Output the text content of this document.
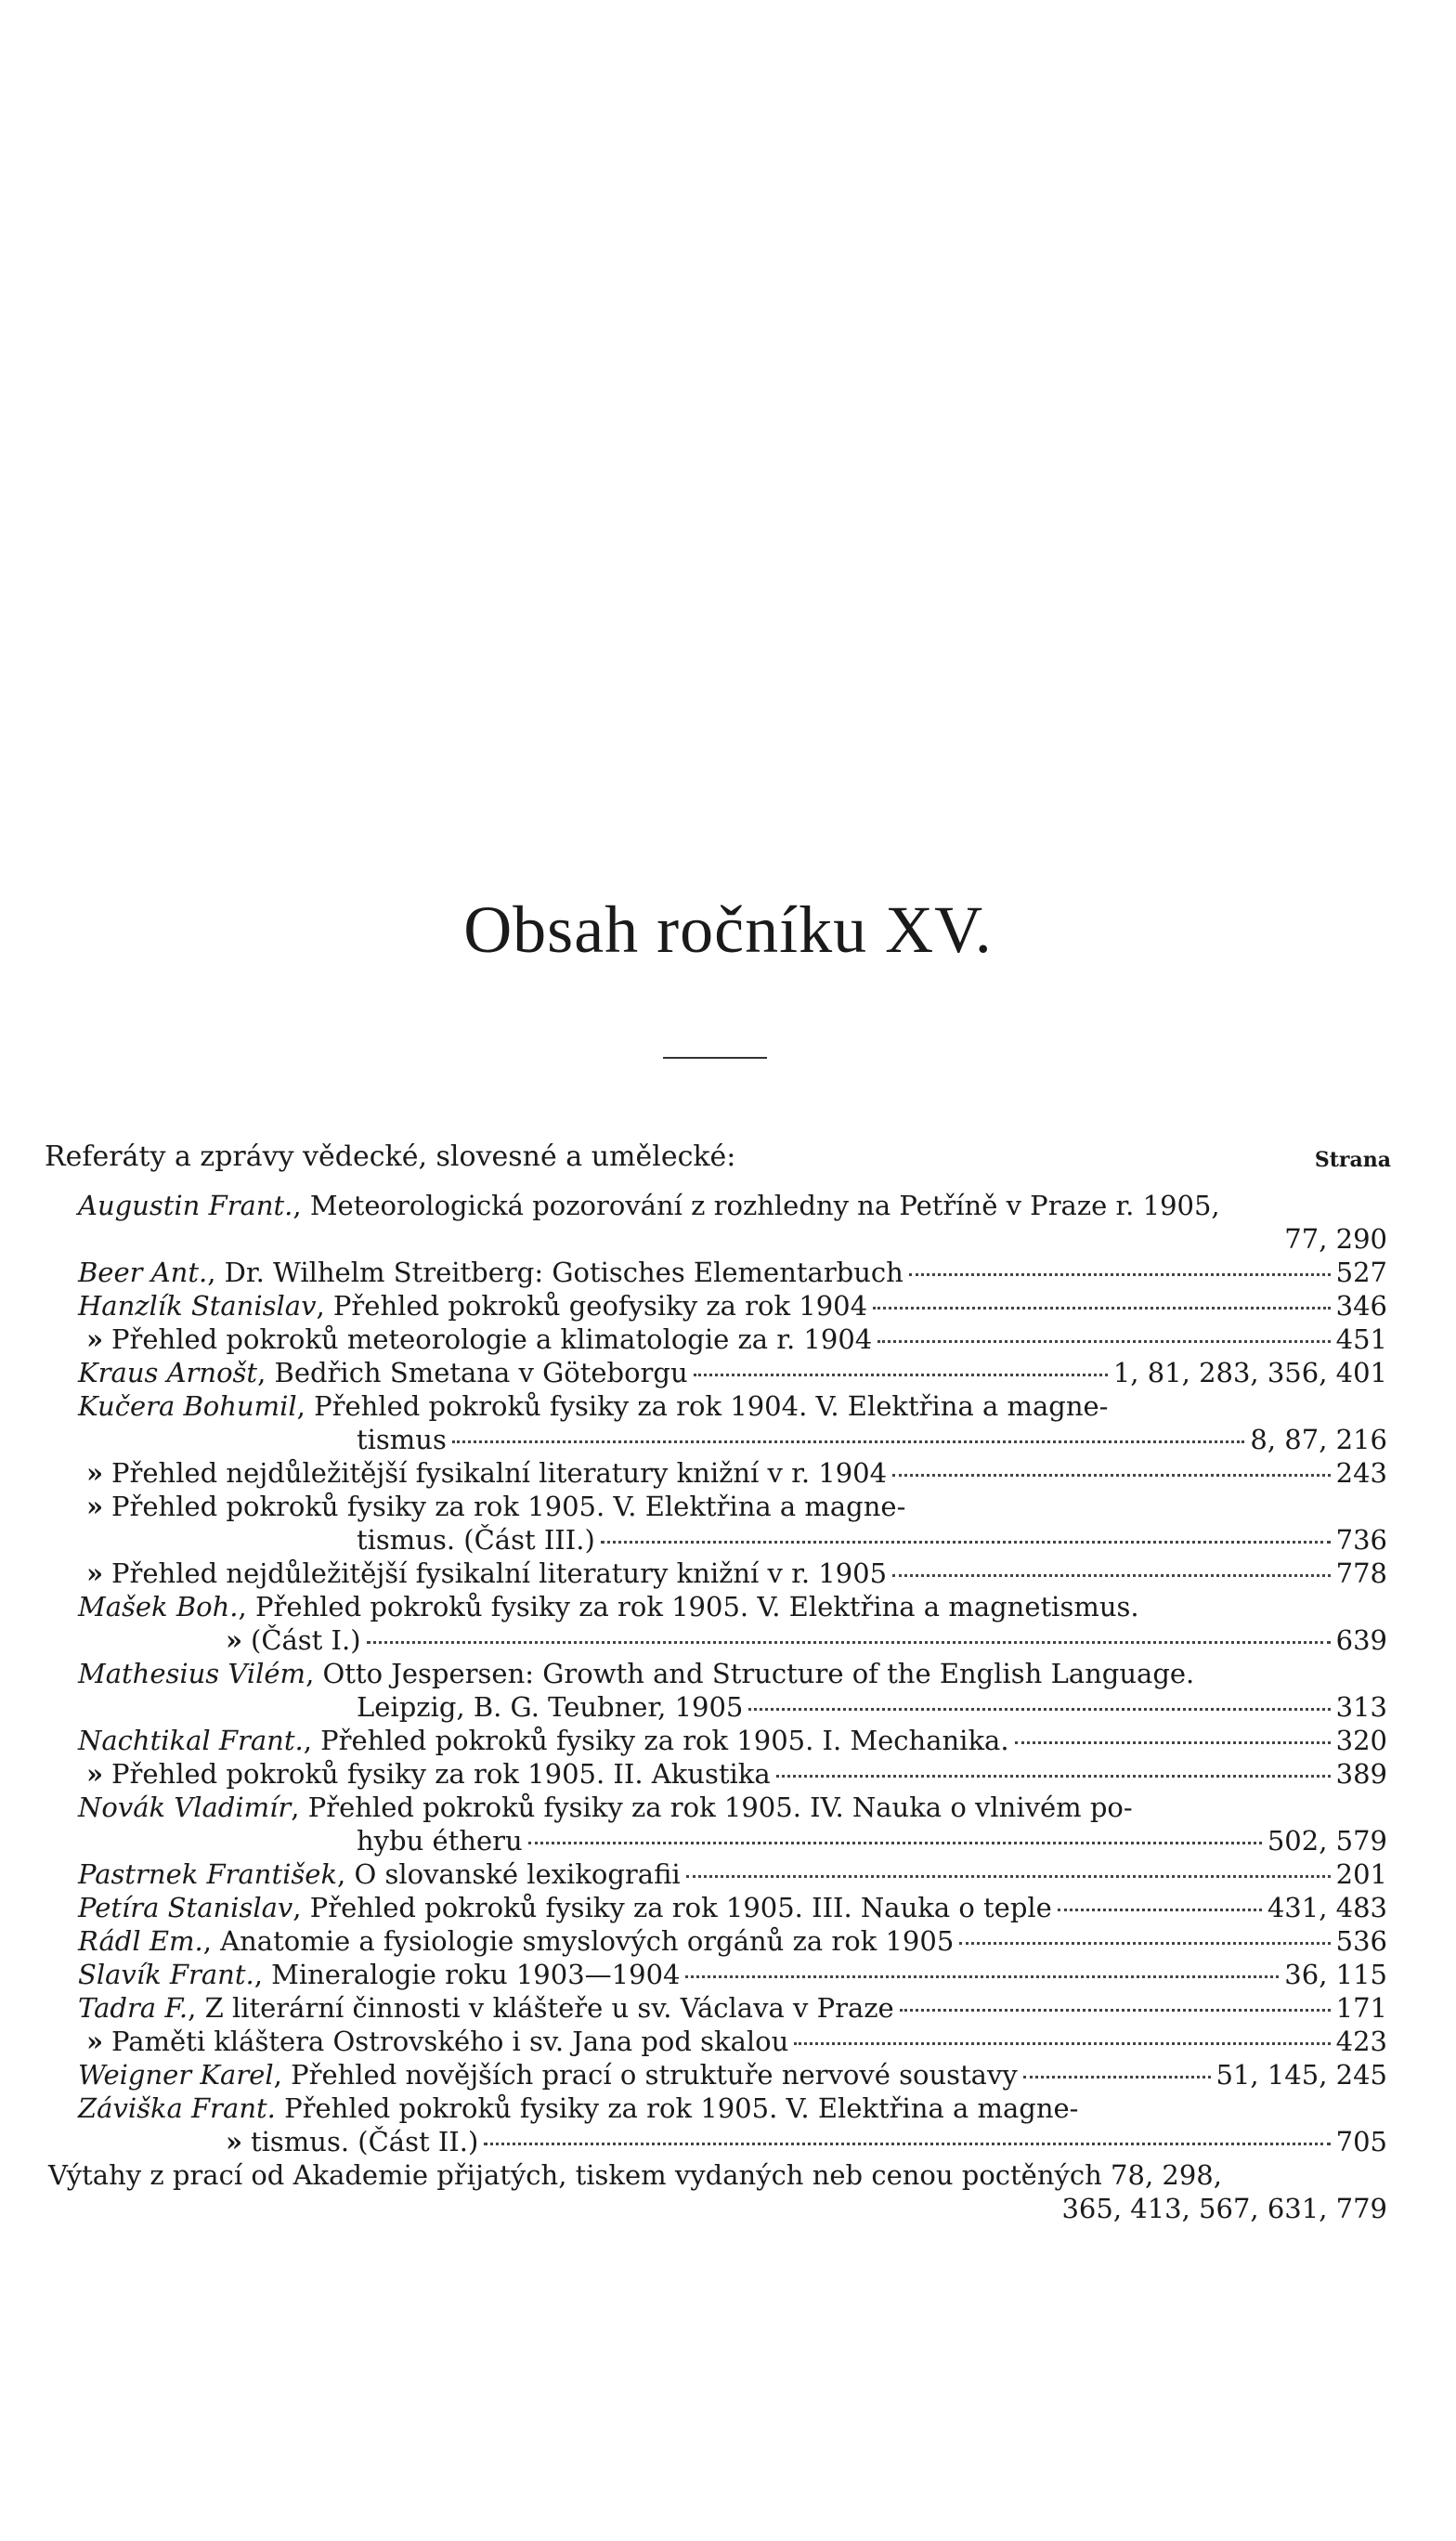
Obsah ročníku XV.
Referáty a zprávy vědecké, slovesné a umělecké:	Strana
Augustin Frant., Meteorologická pozorování z rozhledny na Petříně v Praze r. 1905,
77, 290
Beer Ant., Dr. Wilhelm Streitberg: Gotisches Elementarbuch	527
Hanzlík Stanislav, Přehled pokroků geofysiky za rok 1904	346
»Přehled pokroků meteorologie a klimatologie za r. 1904	451
Kraus Arnošt, Bedřich Smetana v Göteborgu	1, 81, 283, 356, 401
Kučera Bohumil, Přehled pokroků fysiky za rok 1904. V. Elektřina a magne-
tismus	8, 87, 216
»Přehled nejdůležitější fysikalní literatury knižní v r. 1904	243
»Přehled pokroků fysiky za rok 1905. V. Elektřina a magne-
tismus. (Část III.)	736
»Přehled nejdůležitější fysikalní literatury knižní v r. 1905	778
Mašek Boh., Přehled pokroků fysiky za rok 1905. V. Elektřina a magnetismus.
»(Část I.)	639
Mathesius Vilém, Otto Jespersen: Growth and Structure of the English Language.
Leipzig, B. G. Teubner, 1905	313
Nachtikal Frant., Přehled pokroků fysiky za rok 1905. I. Mechanika.	320
»Přehled pokroků fysiky za rok 1905. II. Akustika	389
Novák Vladimír, Přehled pokroků fysiky za rok 1905. IV. Nauka o vlnivém po-
hybu étheru	502, 579
Pastrnek František, O slovanské lexikografii	201
Petíra Stanislav, Přehled pokroků fysiky za rok 1905. III. Nauka o teple	431, 483
Rádl Em., Anatomie a fysiologie smyslových orgánů za rok 1905	536
Slavík Frant., Mineralogie roku 1903—1904	36, 115
Tadra F., Z literární činnosti v klášteře u sv. Václava v Praze	171
»Paměti kláštera Ostrovského i sv. Jana pod skalou	423
Weigner Karel, Přehled novějších prací o struktuře nervové soustavy	51, 145, 245
Záviška Frant. Přehled pokroků fysiky za rok 1905. V. Elektřina a magne-
»tismus. (Část II.)	705
Výtahy z prací od Akademie přijatých, tiskem vydaných neb cenou poctěných 78, 298,
365, 413, 567, 631, 779
